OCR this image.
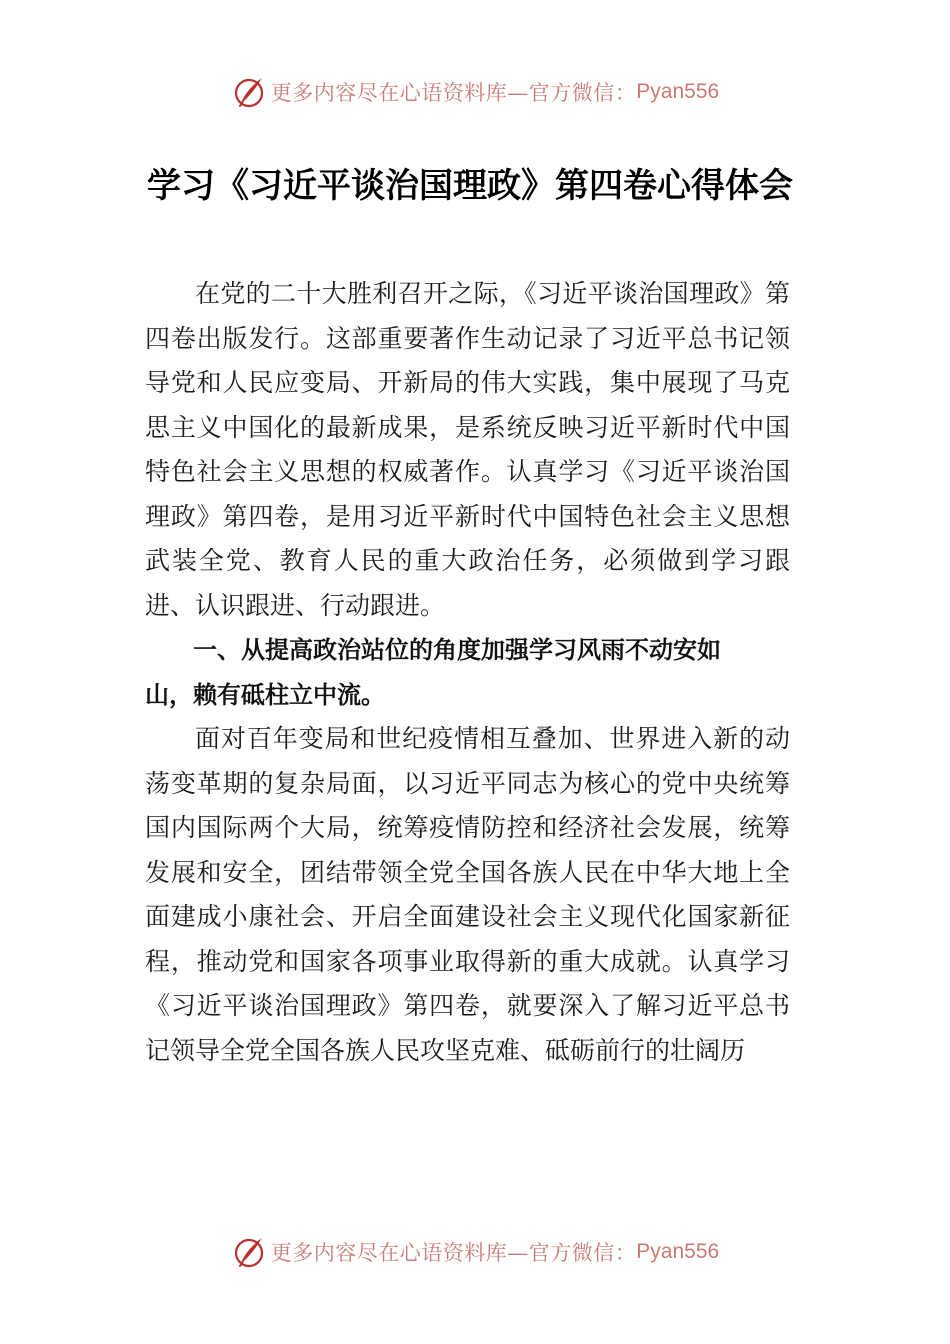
更多内容尽在心语资料库—官方微信： Pyan556
学习《习近平谈治国理政》第四卷心得体会

在党的二十大胜利召开之际，《习近平谈治国理政》第四卷出版发行。这部重要著作生动记录了习近平总书记领导党和人民应变局、开新局的伟大实践，集中展现了马克思主义中国化的最新成果，是系统反映习近平新时代中国特色社会主义思想的权威著作。认真学习《习近平谈治国理政》第四卷，是用习近平新时代中国特色社会主义思想武装全党、教育人民的重大政治任务，必须做到学习跟进、认识跟进、行动跟进。

一、从提高政治站位的角度加强学习风雨不动安如山，赖有砥柱立中流。

面对百年变局和世纪疫情相互叠加、世界进入新的动荡变革期的复杂局面，以习近平同志为核心的党中央统筹国内国际两个大局，统筹疫情防控和经济社会发展，统筹发展和安全，团结带领全党全国各族人民在中华大地上全面建成小康社会、开启全面建设社会主义现代化国家新征程，推动党和国家各项事业取得新的重大成就。认真学习《习近平谈治国理政》第四卷，就要深入了解习近平总书记领导全党全国各族人民攻坚克难、砥砺前行的壮阔历

更多内容尽在心语资料库—官方微信： Pyan556
